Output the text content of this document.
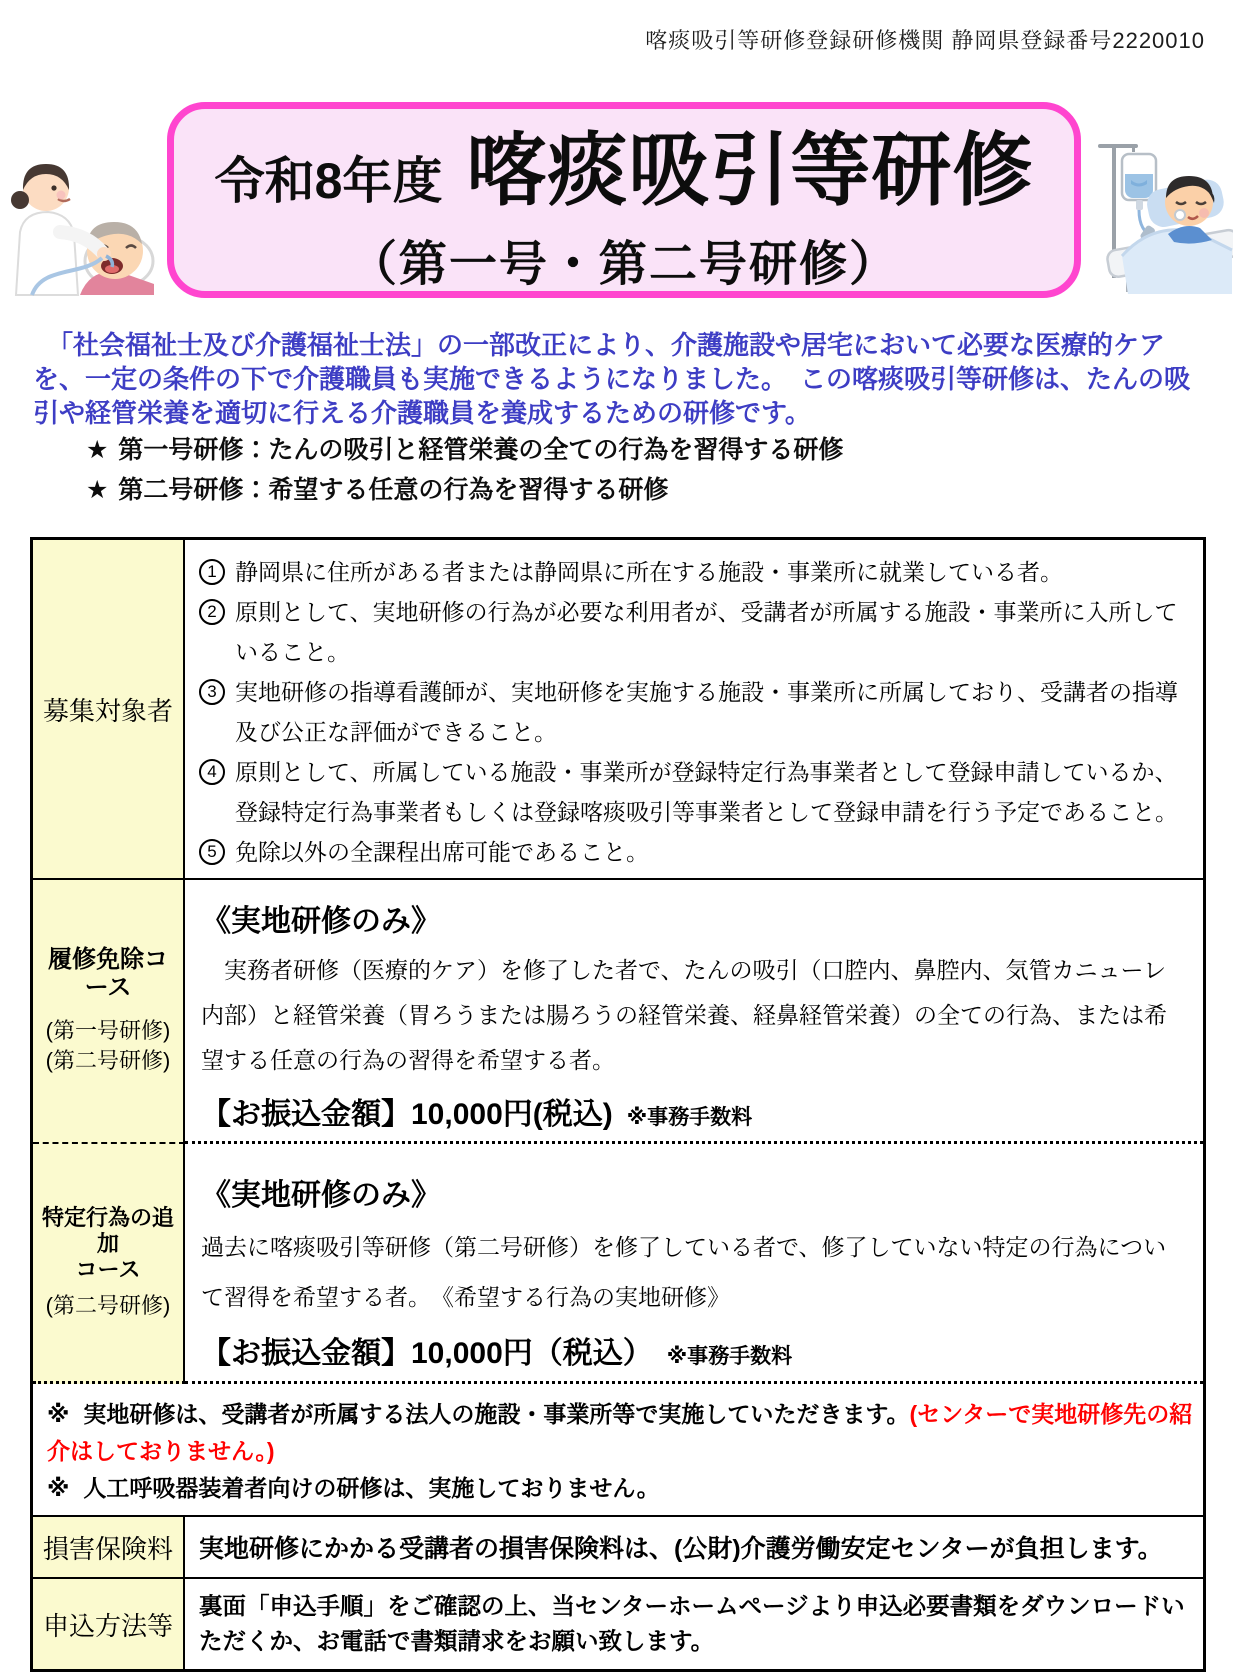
喀痰吸引等研修登録研修機関 静岡県登録番号2220010
令和8年度 喀痰吸引等研修
（第一号・第二号研修）

「社会福祉士及び介護福祉士法」の一部改正により、介護施設や居宅において必要な医療的ケアを、一定の条件の下で介護職員も実施できるようになりました。　この喀痰吸引等研修は、たんの吸引や経管栄養を適切に行える介護職員を養成するための研修です。

★ 第一号研修：たんの吸引と経管栄養の全ての行為を習得する研修
★ 第二号研修：希望する任意の行為を習得する研修
募集対象者
1 静岡県に住所がある者または静岡県に所在する施設・事業所に就業している者。
2 原則として、実地研修の行為が必要な利用者が、受講者が所属する施設・事業所に入所していること。
3 実地研修の指導看護師が、実地研修を実施する施設・事業所に所属しており、受講者の指導及び公正な評価ができること。
4 原則として、所属している施設・事業所が登録特定行為事業者として登録申請しているか、登録特定行為事業者もしくは登録喀痰吸引等事業者として登録申請を行う予定であること。
5 免除以外の全課程出席可能であること。
履修免除コース
(第一号研修)
(第二号研修)
《実地研修のみ》

実務者研修（医療的ケア）を修了した者で、たんの吸引（口腔内、鼻腔内、気管カニューレ内部）と経管栄養（胃ろうまたは腸ろうの経管栄養、経鼻経管栄養）の全ての行為、または希望する任意の行為の習得を希望する者。

【お振込金額】10,000円(税込) ※事務手数料
特定行為の追加
コース
(第二号研修)
《実地研修のみ》

過去に喀痰吸引等研修（第二号研修）を修了している者で、修了していない特定の行為について習得を希望する者。　《希望する行為の実地研修》

【お振込金額】10,000円（税込） ※事務手数料
※ 実地研修は、受講者が所属する法人の施設・事業所等で実施していただきます。(センターで実地研修先の紹介はしておりません。)
※ 人工呼吸器装着者向けの研修は、実施しておりません。
損害保険料 実地研修にかかる受講者の損害保険料は、(公財)介護労働安定センターが負担します。
申込方法等
裏面「申込手順」をご確認の上、当センターホームページより申込必要書類をダウンロードいただくか、お電話で書類請求をお願い致します。
